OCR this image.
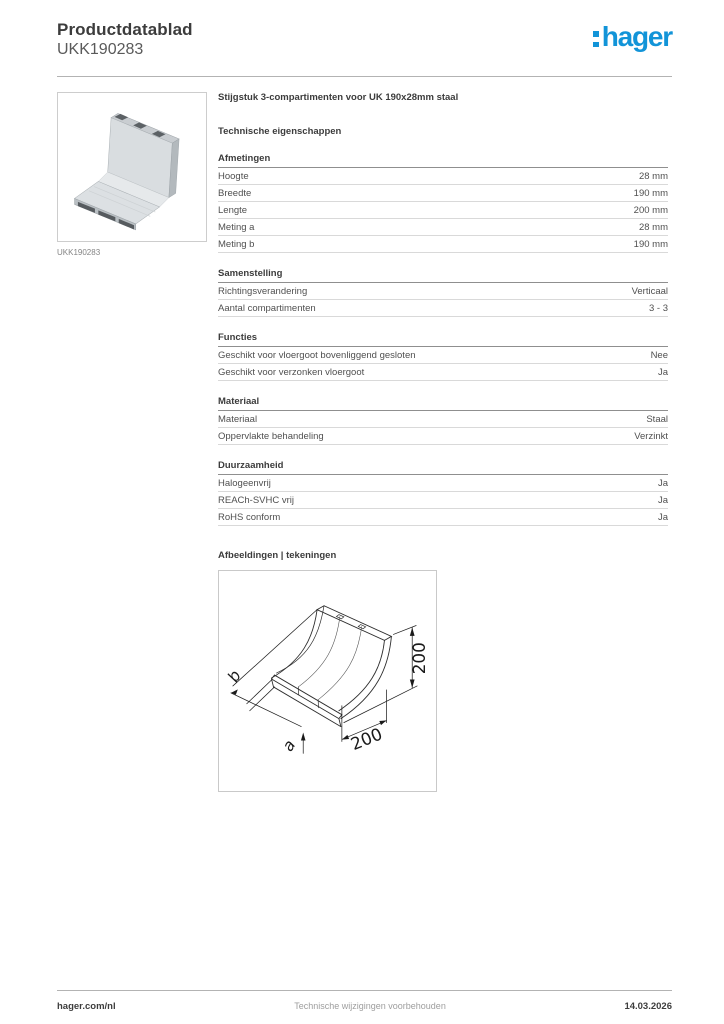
Productdatablad
UKK190283	hager
UKK190283
Stijgstuk 3-compartimenten voor UK 190x28mm staal
Technische eigenschappen
Afmetingen
Hoogte	28 mm
Breedte	190 mm
Lengte	200 mm
Meting a	28 mm
Meting b	190 mm
Samenstelling
Richtingsverandering	Verticaal
Aantal compartimenten	3 - 3
Functies
Geschikt voor vloergoot bovenliggend gesloten	Nee
Geschikt voor verzonken vloergoot	Ja
Materiaal
Materiaal	Staal
Oppervlakte behandeling	Verzinkt
Duurzaamheid
Halogeenvrij	Ja
REACh-SVHC vrij	Ja
RoHS conform	Ja
Afbeeldingen | tekeningen
b
a	200
200
hager.com/nl	Technische wijzigingen voorbehouden	14.03.2026
